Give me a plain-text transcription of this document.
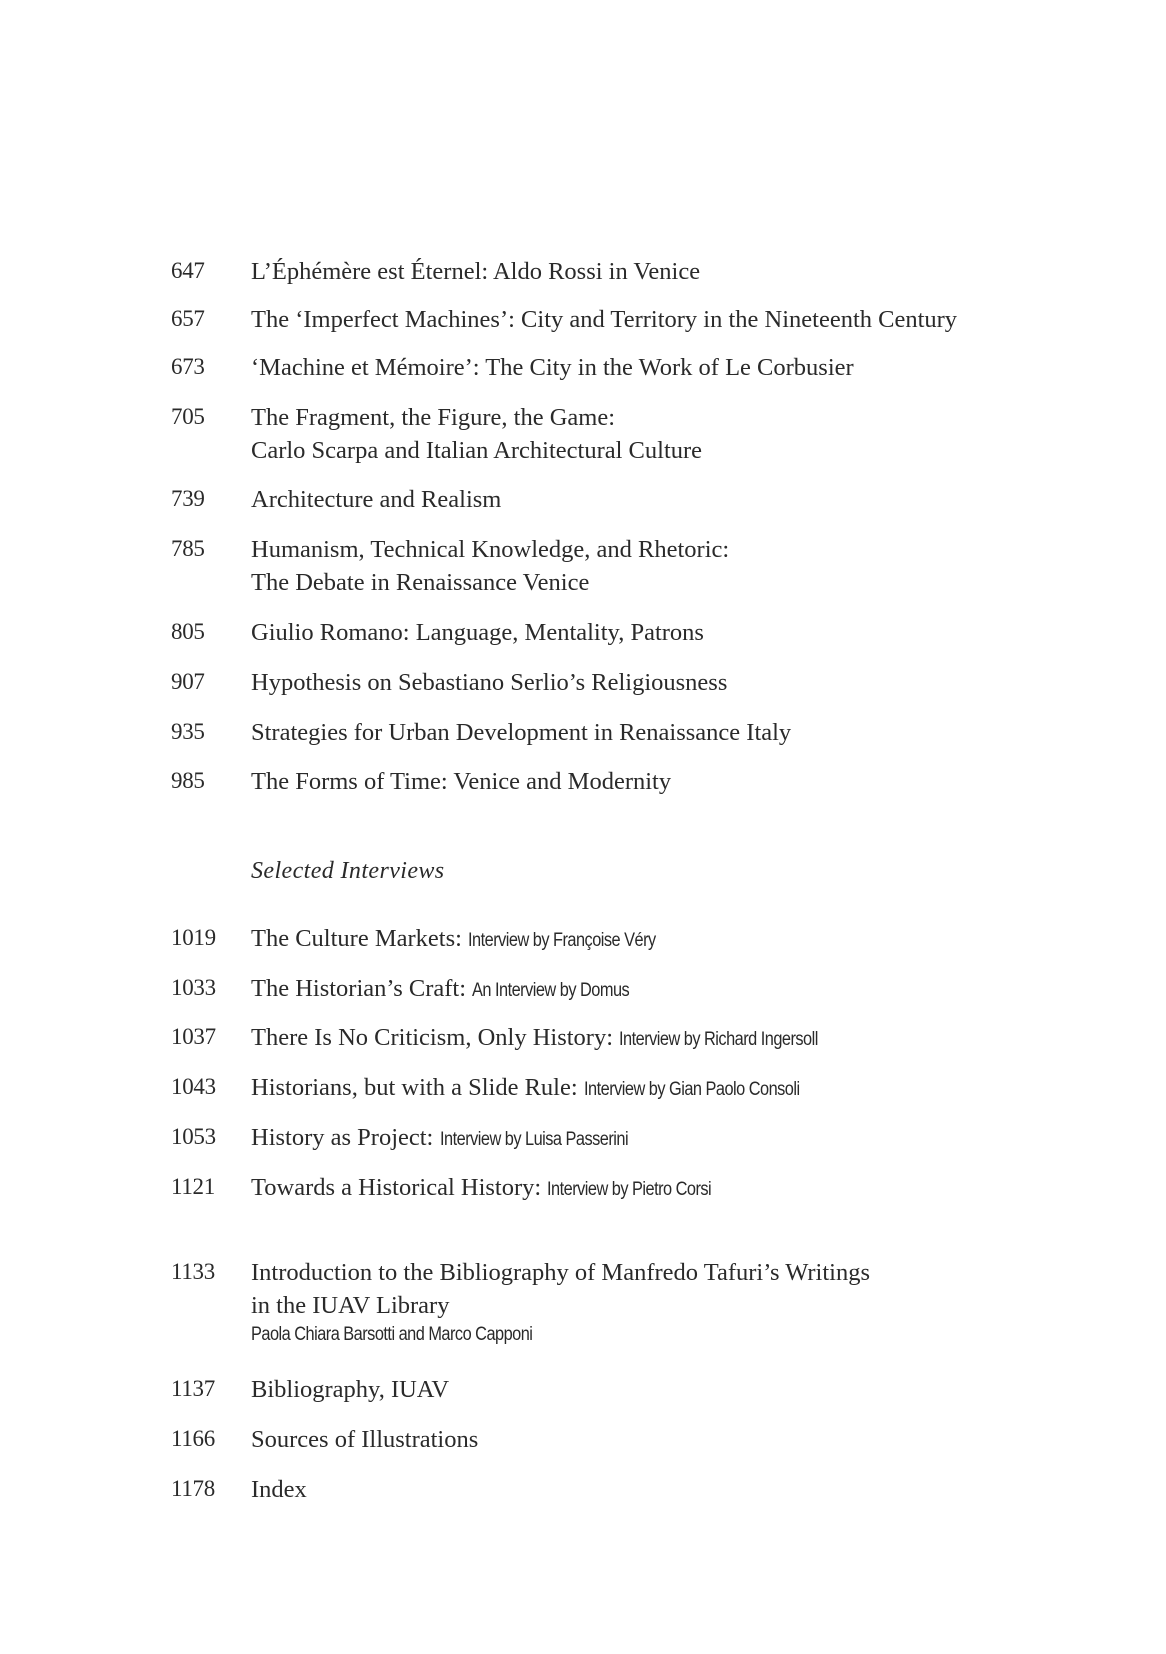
647 L’Éphémère est Éternel: Aldo Rossi in Venice
657 The ‘Imperfect Machines’: City and Territory in the Nineteenth Century
673 ‘Machine et Mémoire’: The City in the Work of Le Corbusier
705 The Fragment, the Figure, the Game:
Carlo Scarpa and Italian Architectural Culture
739 Architecture and Realism
785 Humanism, Technical Knowledge, and Rhetoric:
The Debate in Renaissance Venice
805 Giulio Romano: Language, Mentality, Patrons
907 Hypothesis on Sebastiano Serlio’s Religiousness
935 Strategies for Urban Development in Renaissance Italy
985 The Forms of Time: Venice and Modernity
Selected Interviews
1019 The Culture Markets: Interview by Françoise Véry
1033 The Historian’s Craft: An Interview by Domus
1037 There Is No Criticism, Only History: Interview by Richard Ingersoll
1043 Historians, but with a Slide Rule: Interview by Gian Paolo Consoli
1053 History as Project: Interview by Luisa Passerini
1121 Towards a Historical History: Interview by Pietro Corsi
1133 Introduction to the Bibliography of Manfredo Tafuri’s Writings
in the IUAV Library
Paola Chiara Barsotti and Marco Capponi
1137 Bibliography, IUAV
1166 Sources of Illustrations
1178 Index
